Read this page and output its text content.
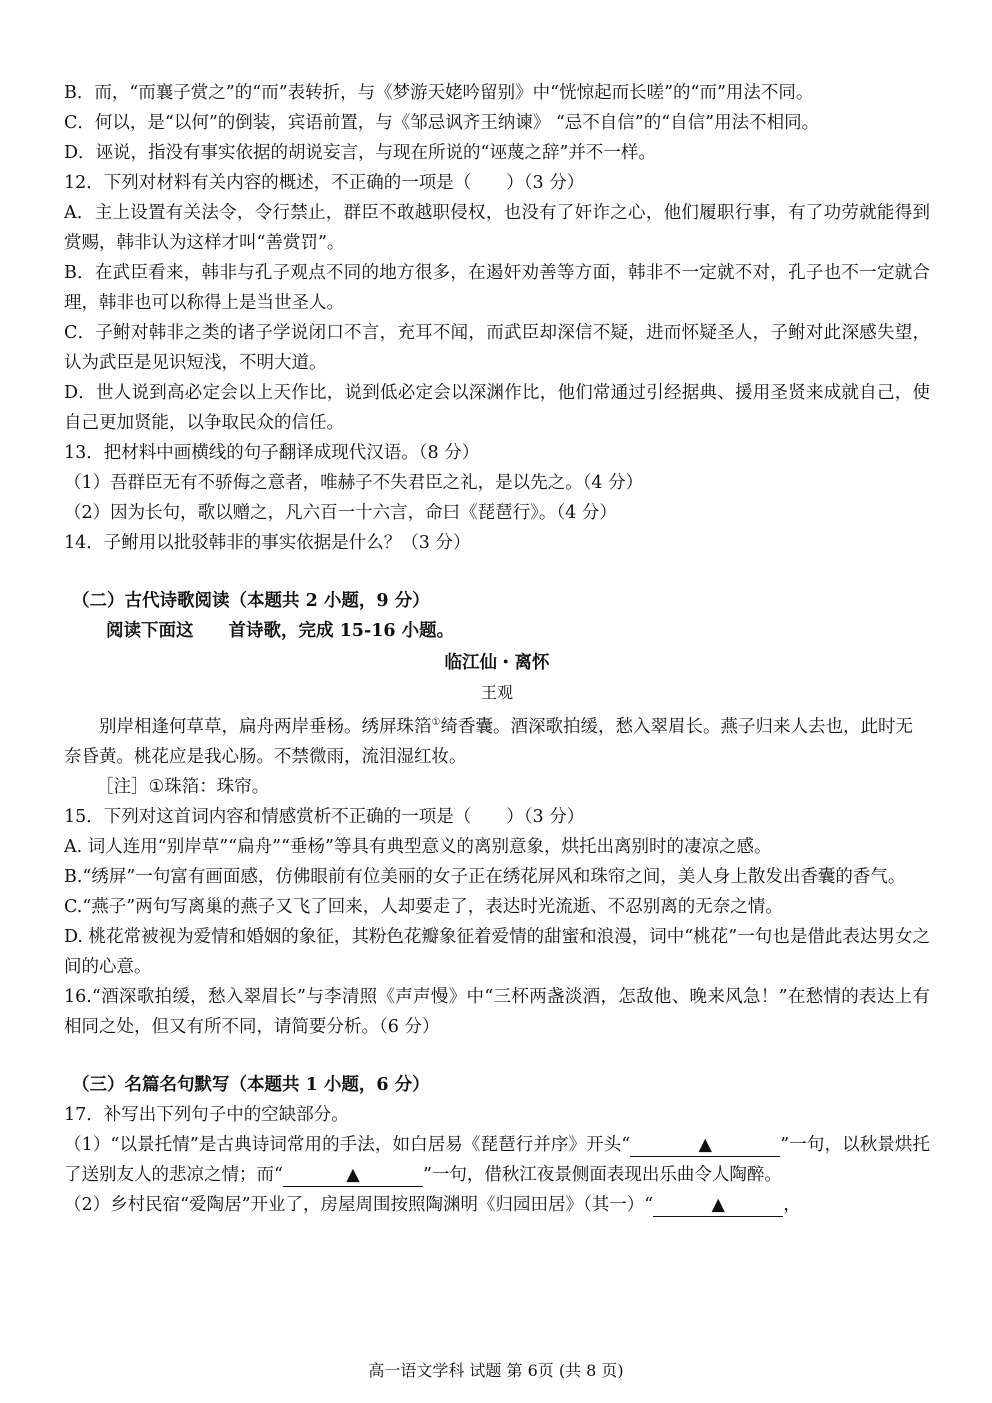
B．而，“而襄子赏之”的“而”表转折，与《梦游天姥吟留别》中“恍惊起而长嗟”的“而”用法不同。

C．何以，是“以何”的倒装，宾语前置，与《邹忌讽齐王纳谏》 “忌不自信”的“自信”用法不相同。

D．诬说，指没有事实依据的胡说妄言，与现在所说的“诬蔑之辞”并不一样。

12．下列对材料有关内容的概述，不正确的一项是（　　）（3 分）

A．主上设置有关法令，令行禁止，群臣不敢越职侵权，也没有了奸诈之心，他们履职行事，有了功劳就能得到赏赐，韩非认为这样才叫“善赏罚”。

B．在武臣看来，韩非与孔子观点不同的地方很多，在遏奸劝善等方面，韩非不一定就不对，孔子也不一定就合理，韩非也可以称得上是当世圣人。

C．子鲋对韩非之类的诸子学说闭口不言，充耳不闻，而武臣却深信不疑，进而怀疑圣人，子鲋对此深感失望，认为武臣是见识短浅，不明大道。

D．世人说到高必定会以上天作比，说到低必定会以深渊作比，他们常通过引经据典、援用圣贤来成就自己，使自己更加贤能，以争取民众的信任。

13．把材料中画横线的句子翻译成现代汉语。（8 分）

（1）吾群臣无有不骄侮之意者，唯赫子不失君臣之礼，是以先之。（4 分）

（2）因为长句，歌以赠之，凡六百一十六言，命曰《琵琶行》。（4 分）

14．子鲋用以批驳韩非的事实依据是什么？（3 分）

（二）古代诗歌阅读（本题共 2 小题，9 分）

阅读下面这　　首诗歌，完成 15-16 小题。

临江仙・离怀

王观

别岸相逢何草草，扁舟两岸垂杨。绣屏珠箔①绮香囊。酒深歌拍缓，愁入翠眉长。燕子归来人去也，此时无奈昏黄。桃花应是我心肠。不禁微雨，流泪湿红妆。

［注］①珠箔：珠帘。

15．下列对这首词内容和情感赏析不正确的一项是（　　）（3 分）

A. 词人连用“别岸草”“扁舟”“垂杨”等具有典型意义的离别意象，烘托出离别时的凄凉之感。

B.“绣屏”一句富有画面感，仿佛眼前有位美丽的女子正在绣花屏风和珠帘之间，美人身上散发出香囊的香气。

C.“燕子”两句写离巢的燕子又飞了回来，人却要走了，表达时光流逝、不忍别离的无奈之情。

D. 桃花常被视为爱情和婚姻的象征，其粉色花瓣象征着爱情的甜蜜和浪漫，词中“桃花”一句也是借此表达男女之间的心意。

16.“酒深歌拍缓，愁入翠眉长”与李清照《声声慢》中“三杯两盏淡酒，怎敌他、晚来风急！”在愁情的表达上有相同之处，但又有所不同，请简要分析。（6 分）

（三）名篇名句默写（本题共 1 小题，6 分）

17．补写出下列句子中的空缺部分。

（1）“以景托情”是古典诗词常用的手法，如白居易《琵琶行并序》开头“	▲	”一句，以秋景烘托了送别友人的悲凉之情；而“	▲	”一句，借秋江夜景侧面表现出乐曲令人陶醉。

（2）乡村民宿“爱陶居”开业了，房屋周围按照陶渊明《归园田居》（其一）“	▲	，

高一语文学科 试题 第 6页 (共 8 页)
